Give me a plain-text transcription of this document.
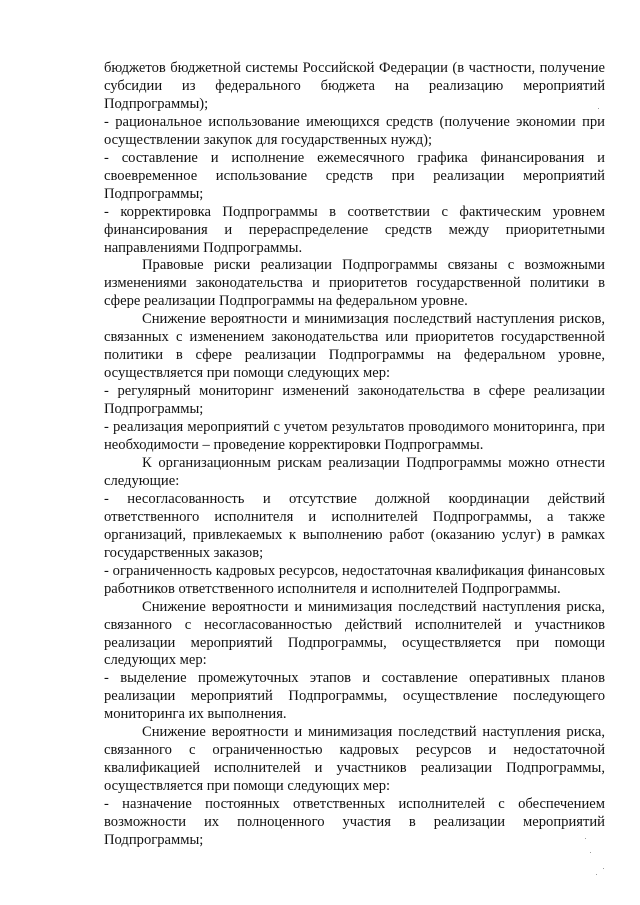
бюджетов бюджетной системы Российской Федерации (в частности, получение субсидии из федерального бюджета на реализацию мероприятий Подпрограммы);

- рациональное использование имеющихся средств (получение экономии при осуществлении закупок для государственных нужд);

- составление и исполнение ежемесячного графика финансирования и своевременное использование средств при реализации мероприятий Подпрограммы;

- корректировка Подпрограммы в соответствии с фактическим уровнем финансирования и перераспределение средств между приоритетными направлениями Подпрограммы.

Правовые риски реализации Подпрограммы связаны с возможными изменениями законодательства и приоритетов государственной политики в сфере реализации Подпрограммы на федеральном уровне.

Снижение вероятности и минимизация последствий наступления рисков, связанных с изменением законодательства или приоритетов государственной политики в сфере реализации Подпрограммы на федеральном уровне, осуществляется при помощи следующих мер:

- регулярный мониторинг изменений законодательства в сфере реализации Подпрограммы;

- реализация мероприятий с учетом результатов проводимого мониторинга, при необходимости – проведение корректировки Подпрограммы.

К организационным рискам реализации Подпрограммы можно отнести следующие:

- несогласованность и отсутствие должной координации действий ответственного исполнителя и исполнителей Подпрограммы, а также организаций, привлекаемых к выполнению работ (оказанию услуг) в рамках государственных заказов;

- ограниченность кадровых ресурсов, недостаточная квалификация финансовых работников ответственного исполнителя и исполнителей Подпрограммы.

Снижение вероятности и минимизация последствий наступления риска, связанного с несогласованностью действий исполнителей и участников реализации мероприятий Подпрограммы, осуществляется при помощи следующих мер:

- выделение промежуточных этапов и составление оперативных планов реализации мероприятий Подпрограммы, осуществление последующего мониторинга их выполнения.

Снижение вероятности и минимизация последствий наступления риска, связанного с ограниченностью кадровых ресурсов и недостаточной квалификацией исполнителей и участников реализации Подпрограммы, осуществляется при помощи следующих мер:

- назначение постоянных ответственных исполнителей с обеспечением возможности их полноценного участия в реализации мероприятий Подпрограммы;
